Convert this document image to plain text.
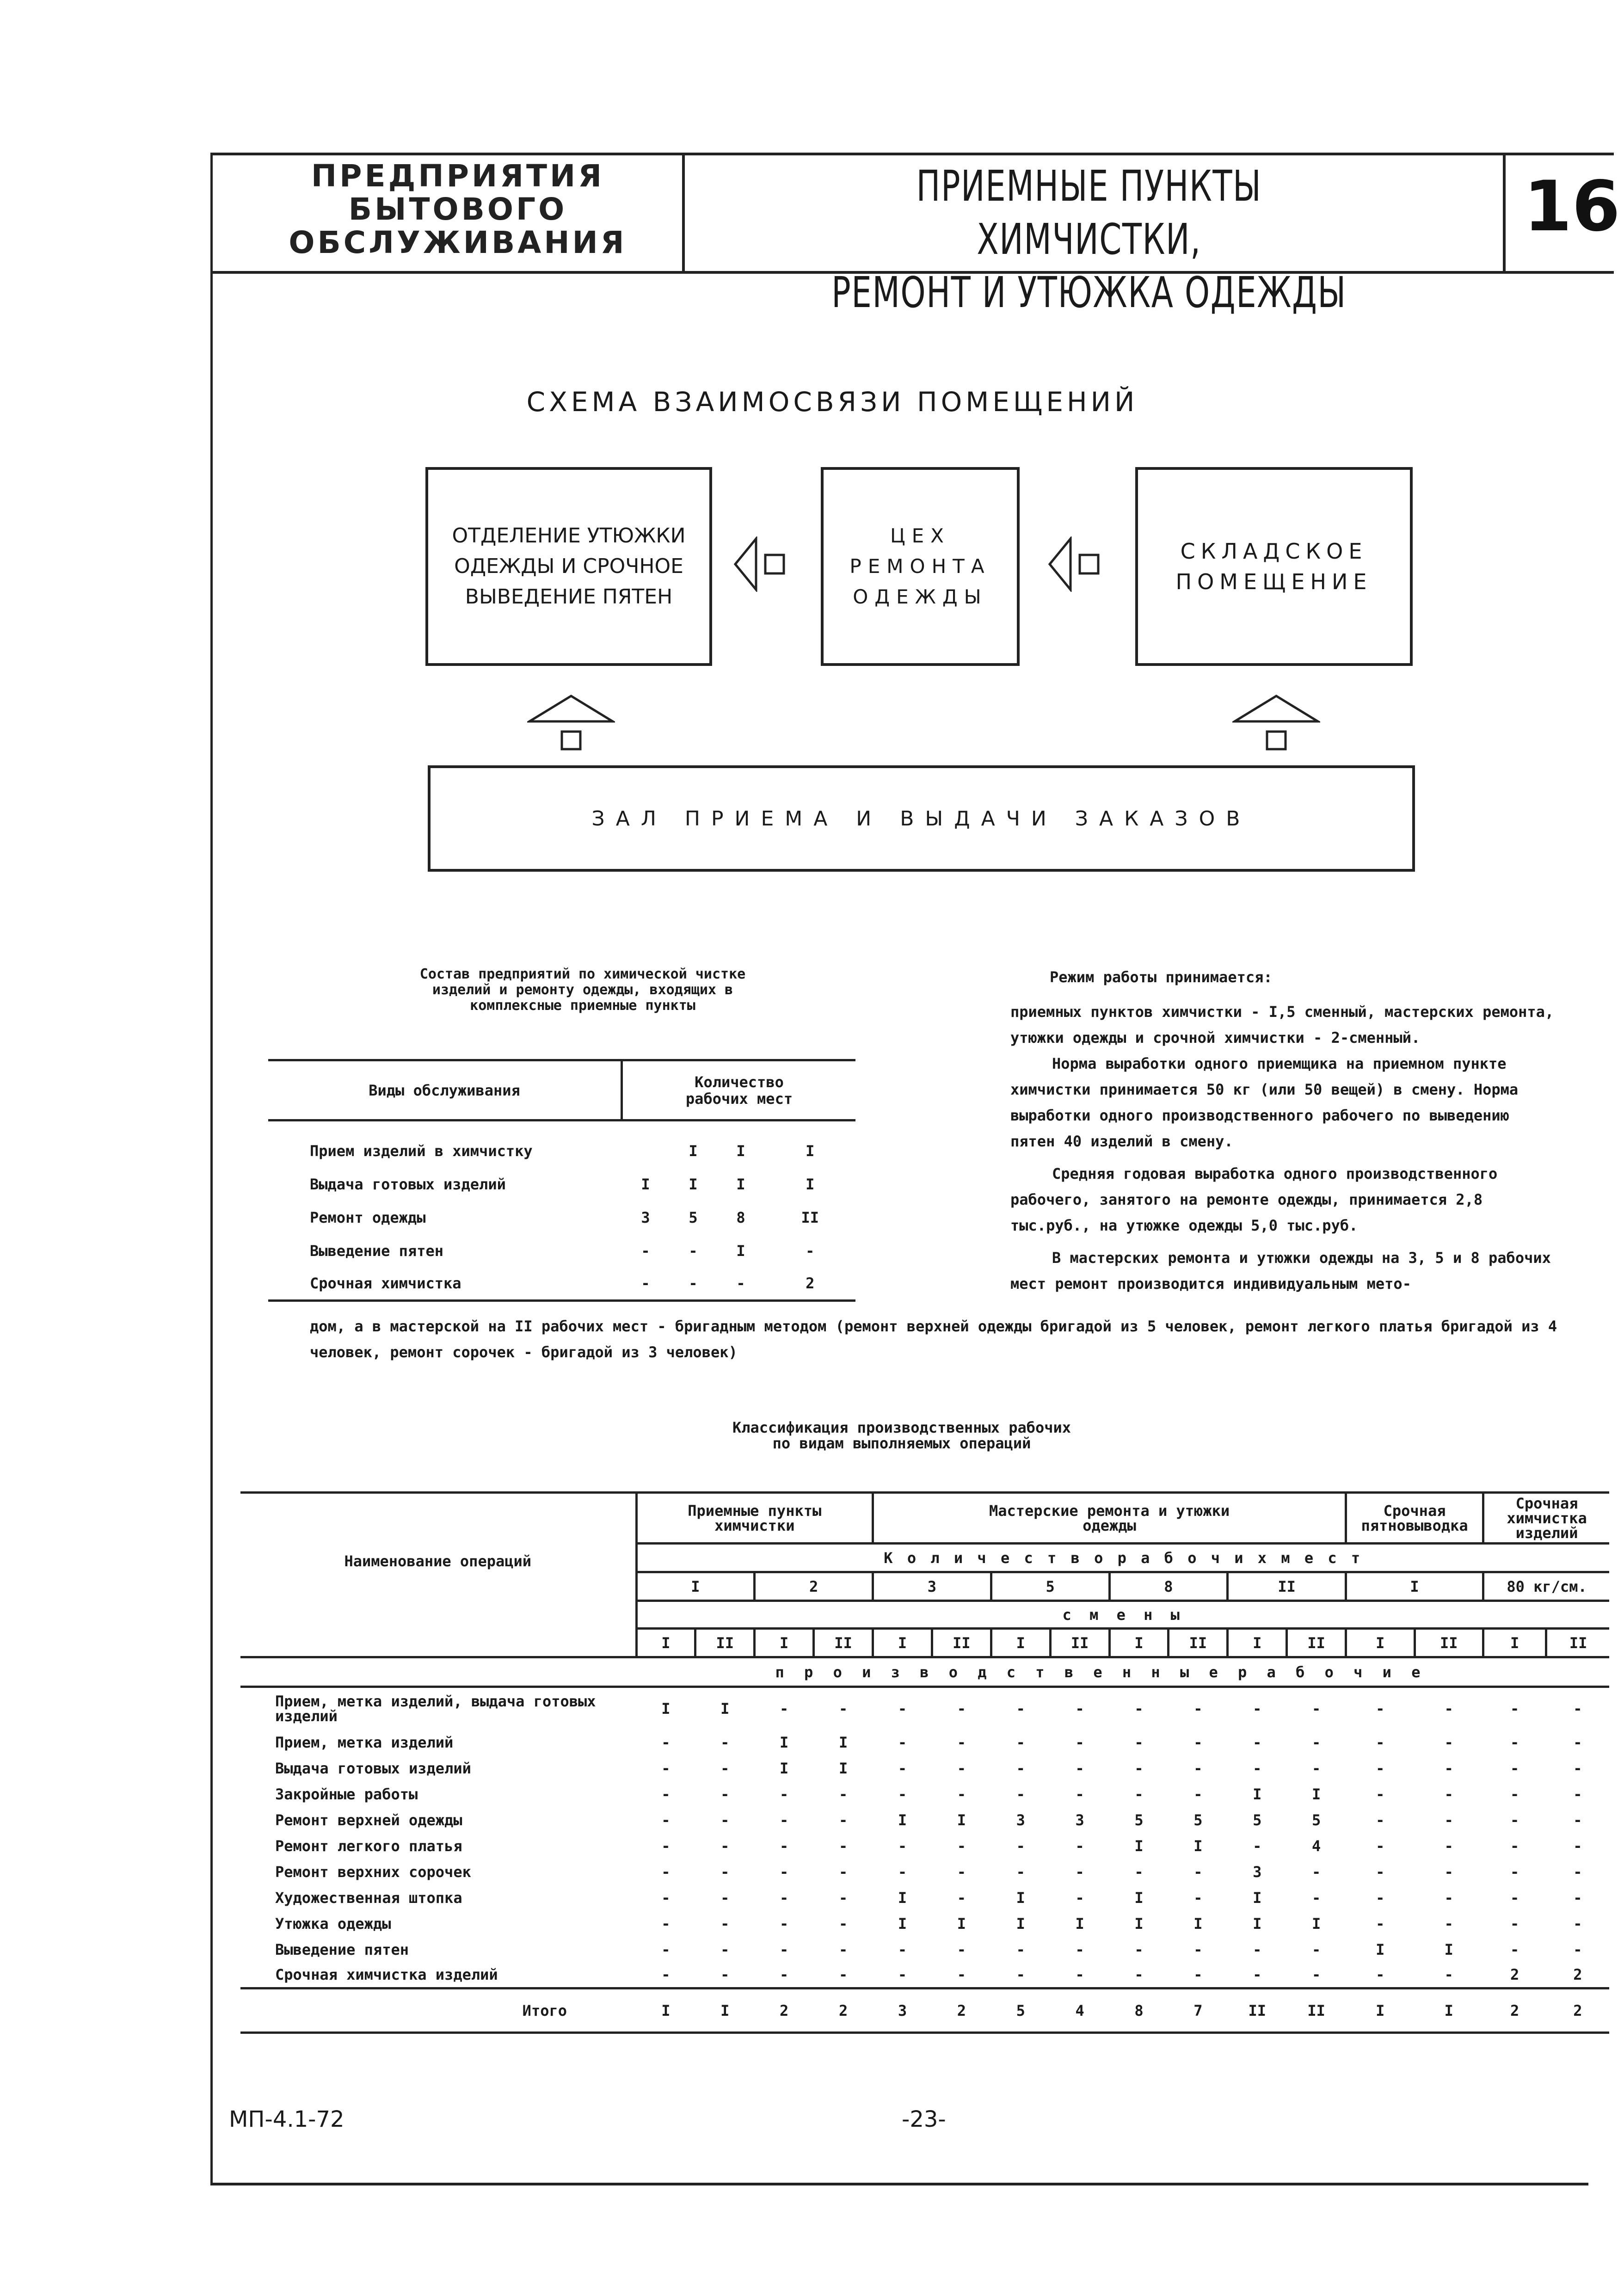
ПРЕДПРИЯТИЯ
БЫТОВОГО
ОБСЛУЖИВАНИЯ
ПРИЕМНЫЕ ПУНКТЫ ХИМЧИСТКИ,
РЕМОНТ И УТЮЖКА ОДЕЖДЫ
16
СХЕМА ВЗАИМОСВЯЗИ ПОМЕЩЕНИЙ
ОТДЕЛЕНИЕ УТЮЖКИ
ОДЕЖДЫ И СРОЧНОЕ
ВЫВЕДЕНИЕ ПЯТЕН
ЦЕХ
РЕМОНТА
ОДЕЖДЫ
СКЛАДСКОЕ
ПОМЕЩЕНИЕ
ЗАЛ ПРИЕМА И ВЫДАЧИ ЗАКАЗОВ
Состав предприятий по химической чистке
изделий и ремонту одежды, входящих в
комплексные приемные пункты
Виды обслуживания	Количество
рабочих мест			

Прием изделий в химчистку		I	I	I
Выдача готовых изделий	I	I	I	I
Ремонт одежды	3	5	8	II
Выведение пятен	-	-	I	-
Срочная химчистка	-	-	-	2
Режим работы принимается:
приемных пунктов химчистки - I,5 сменный, мастерских ремонта, утюжки одежды и срочной химчистки - 2-сменный.
Норма выработки одного приемщика на приемном пункте химчистки принимается 50 кг (или 50 вещей) в смену. Норма выработки одного производственного рабочего по выведению пятен 40 изделий в смену.
Средняя годовая выработка одного производственного рабочего, занятого на ремонте одежды, принимается 2,8 тыс.руб., на утюжке одежды 5,0 тыс.руб.
В мастерских ремонта и утюжки одежды на 3, 5 и 8 рабочих мест ремонт производится индивидуальным мето-
дом, а в мастерской на II рабочих мест - бригадным методом (ремонт верхней одежды бригадой из 5 человек, ремонт легкого платья бригадой из 4 человек, ремонт сорочек - бригадой из 3 человек)
Классификация производственных рабочих
по видам выполняемых операций
Наименование операций	Приемные пункты химчистки				Мастерские ремонта и утюжки одежды								Срочная пятновыводка		Срочная химчистка изделий	
	К о л и ч е с т в о р а б о ч и х м е с т															
	I		2		3		5		8		II		I		80 кг/см.	
	с м е н ы															
	I	II	I	II	I	II	I	II	I	II	I	II	I	II	I	II
п р о и з в о д с т в е н н ы е р а б о ч и е																
Прием, метка изделий, выдача готовых изделий	I	I	-	-	-	-	-	-	-	-	-	-	-	-	-	-
Прием, метка изделий	-	-	I	I	-	-	-	-	-	-	-	-	-	-	-	-
Выдача готовых изделий	-	-	I	I	-	-	-	-	-	-	-	-	-	-	-	-
Закройные работы	-	-	-	-	-	-	-	-	-	-	I	I	-	-	-	-
Ремонт верхней одежды	-	-	-	-	I	I	3	3	5	5	5	5	-	-	-	-
Ремонт легкого платья	-	-	-	-	-	-	-	-	I	I	-	4	-	-	-	-
Ремонт верхних сорочек	-	-	-	-	-	-	-	-	-	-	3	-	-	-	-	-
Художественная штопка	-	-	-	-	I	-	I	-	I	-	I	-	-	-	-	-
Утюжка одежды	-	-	-	-	I	I	I	I	I	I	I	I	-	-	-	-
Выведение пятен	-	-	-	-	-	-	-	-	-	-	-	-	I	I	-	-
Срочная химчистка изделий	-	-	-	-	-	-	-	-	-	-	-	-	-	-	2	2
Итого	I	I	2	2	3	2	5	4	8	7	II	II	I	I	2	2
МП-4.1-72	-23-
